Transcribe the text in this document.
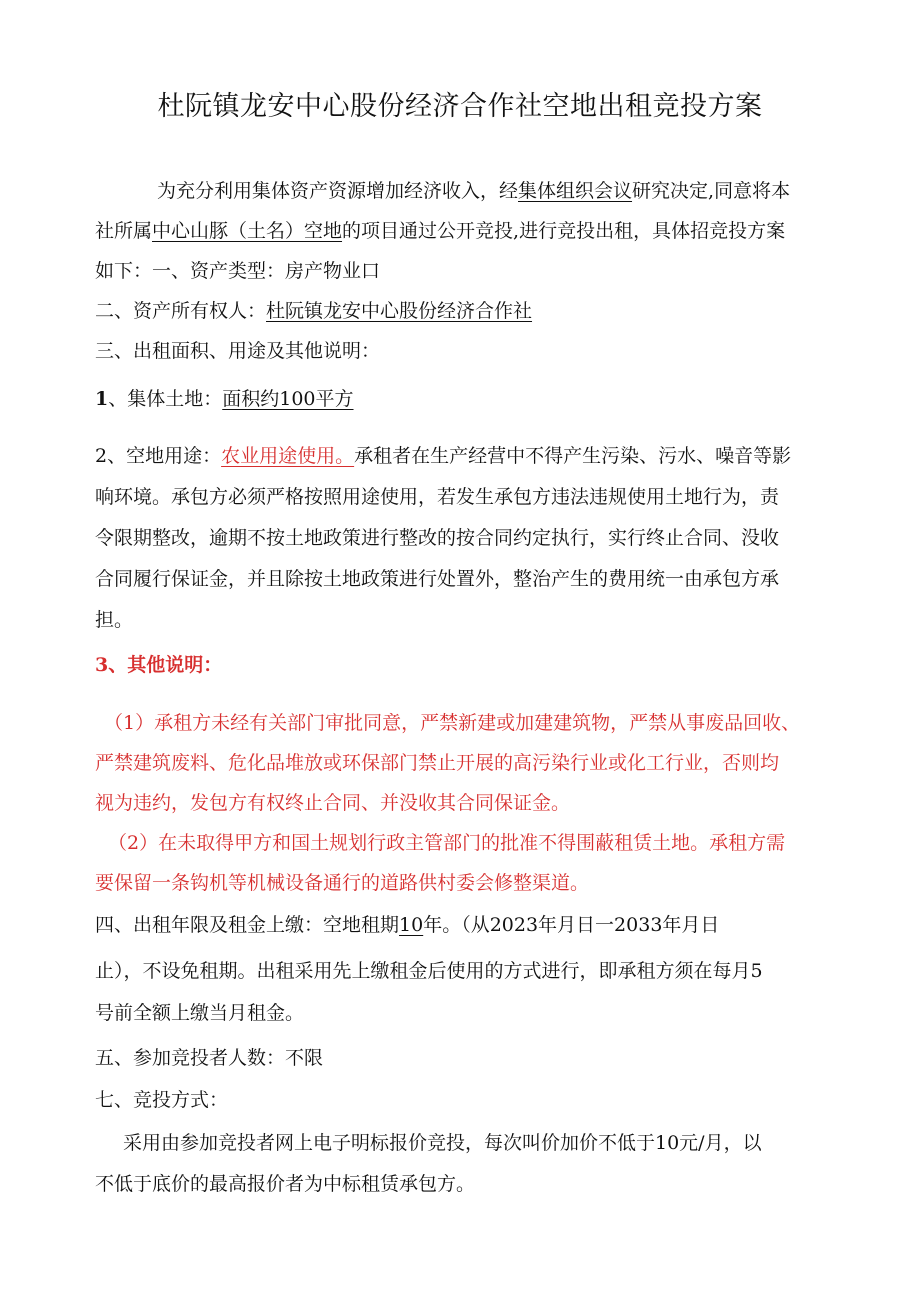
杜阮镇龙安中心股份经济合作社空地出租竞投方案
为充分利用集体资产资源增加经济收入，经集体组织会议研究决定,同意将本
社所属中心山豚（土名）空地的项目通过公开竞投,进行竞投出租，具体招竞投方案
如下：一、资产类型：房产物业口
二、资产所有权人：杜阮镇龙安中心股份经济合作社
三、出租面积、用途及其他说明：
1、集体土地：面积约100平方
2、空地用途：农业用途使用。承租者在生产经营中不得产生污染、污水、噪音等影
响环境。承包方必须严格按照用途使用，若发生承包方违法违规使用土地行为，责
令限期整改，逾期不按土地政策进行整改的按合同约定执行，实行终止合同、没收
合同履行保证金，并且除按土地政策进行处置外，整治产生的费用统一由承包方承
担。
3、其他说明：
（1）承租方未经有关部门审批同意，严禁新建或加建建筑物，严禁从事废品回收、
严禁建筑废料、危化品堆放或环保部门禁止开展的高污染行业或化工行业，否则均
视为违约，发包方有权终止合同、并没收其合同保证金。
（2）在未取得甲方和国土规划行政主管部门的批准不得围蔽租赁土地。承租方需
要保留一条钩机等机械设备通行的道路供村委会修整渠道。
四、出租年限及租金上缴：空地租期10年。（从2023年月日一2033年月日
止），不设免租期。出租采用先上缴租金后使用的方式进行，即承租方须在每月5
号前全额上缴当月租金。
五、参加竞投者人数：不限
七、竞投方式：
采用由参加竞投者网上电子明标报价竞投，每次叫价加价不低于10元/月，以
不低于底价的最高报价者为中标租赁承包方。
